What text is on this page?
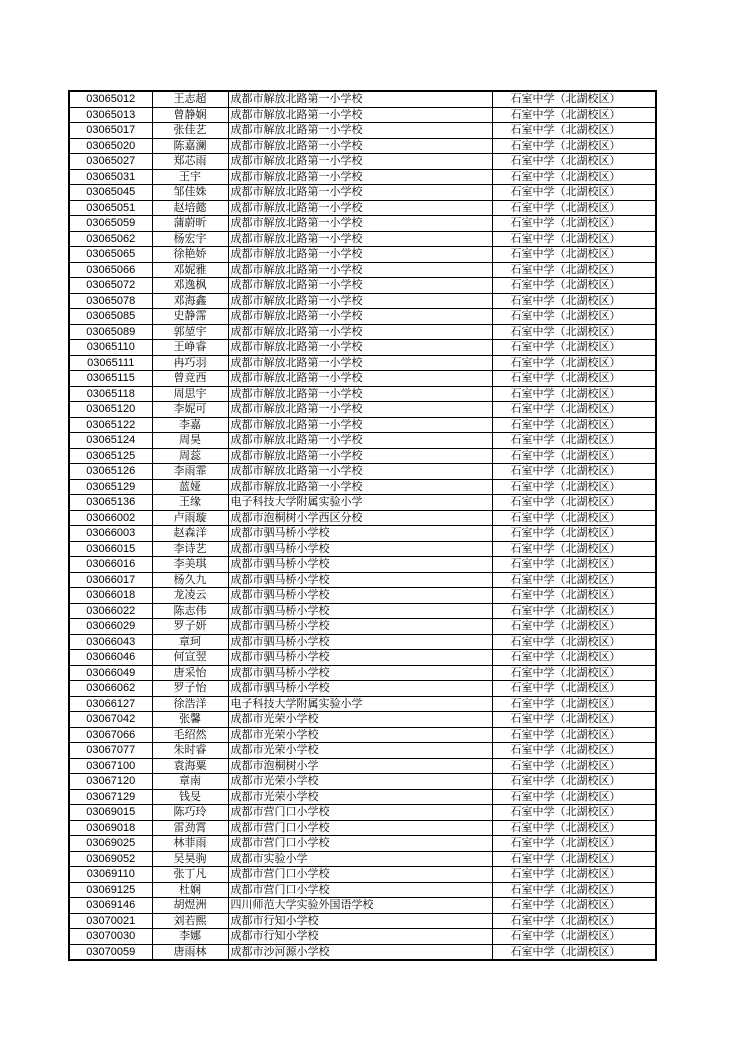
03065012	王志超	成都市解放北路第一小学校	石室中学（北湖校区）
03065013	曾静娴	成都市解放北路第一小学校	石室中学（北湖校区）
03065017	张佳艺	成都市解放北路第一小学校	石室中学（北湖校区）
03065020	陈嘉澜	成都市解放北路第一小学校	石室中学（北湖校区）
03065027	郑芯雨	成都市解放北路第一小学校	石室中学（北湖校区）
03065031	王宇	成都市解放北路第一小学校	石室中学（北湖校区）
03065045	邹佳姝	成都市解放北路第一小学校	石室中学（北湖校区）
03065051	赵培懿	成都市解放北路第一小学校	石室中学（北湖校区）
03065059	蒲蔚昕	成都市解放北路第一小学校	石室中学（北湖校区）
03065062	杨宏宇	成都市解放北路第一小学校	石室中学（北湖校区）
03065065	徐艳娇	成都市解放北路第一小学校	石室中学（北湖校区）
03065066	邓妮雅	成都市解放北路第一小学校	石室中学（北湖校区）
03065072	邓逸枫	成都市解放北路第一小学校	石室中学（北湖校区）
03065078	邓海鑫	成都市解放北路第一小学校	石室中学（北湖校区）
03065085	史静霈	成都市解放北路第一小学校	石室中学（北湖校区）
03065089	郭堃宇	成都市解放北路第一小学校	石室中学（北湖校区）
03065110	王峥睿	成都市解放北路第一小学校	石室中学（北湖校区）
03065111	冉巧羽	成都市解放北路第一小学校	石室中学（北湖校区）
03065115	曾竞西	成都市解放北路第一小学校	石室中学（北湖校区）
03065118	周思宇	成都市解放北路第一小学校	石室中学（北湖校区）
03065120	李妮可	成都市解放北路第一小学校	石室中学（北湖校区）
03065122	李嘉	成都市解放北路第一小学校	石室中学（北湖校区）
03065124	周昊	成都市解放北路第一小学校	石室中学（北湖校区）
03065125	周蕊	成都市解放北路第一小学校	石室中学（北湖校区）
03065126	李雨霏	成都市解放北路第一小学校	石室中学（北湖校区）
03065129	蓝娅	成都市解放北路第一小学校	石室中学（北湖校区）
03065136	王缘	电子科技大学附属实验小学	石室中学（北湖校区）
03066002	卢雨璇	成都市泡桐树小学西区分校	石室中学（北湖校区）
03066003	赵森洋	成都市驷马桥小学校	石室中学（北湖校区）
03066015	李诗艺	成都市驷马桥小学校	石室中学（北湖校区）
03066016	李美琪	成都市驷马桥小学校	石室中学（北湖校区）
03066017	杨久九	成都市驷马桥小学校	石室中学（北湖校区）
03066018	龙凌云	成都市驷马桥小学校	石室中学（北湖校区）
03066022	陈志伟	成都市驷马桥小学校	石室中学（北湖校区）
03066029	罗子妍	成都市驷马桥小学校	石室中学（北湖校区）
03066043	章珂	成都市驷马桥小学校	石室中学（北湖校区）
03066046	何宣翌	成都市驷马桥小学校	石室中学（北湖校区）
03066049	唐采怡	成都市驷马桥小学校	石室中学（北湖校区）
03066062	罗子怡	成都市驷马桥小学校	石室中学（北湖校区）
03066127	徐浩洋	电子科技大学附属实验小学	石室中学（北湖校区）
03067042	张馨	成都市光荣小学校	石室中学（北湖校区）
03067066	毛绍然	成都市光荣小学校	石室中学（北湖校区）
03067077	朱时睿	成都市光荣小学校	石室中学（北湖校区）
03067100	袁海粟	成都市泡桐树小学	石室中学（北湖校区）
03067120	章南	成都市光荣小学校	石室中学（北湖校区）
03067129	钱旻	成都市光荣小学校	石室中学（北湖校区）
03069015	陈巧玲	成都市营门口小学校	石室中学（北湖校区）
03069018	雷劲霄	成都市营门口小学校	石室中学（北湖校区）
03069025	林菲雨	成都市营门口小学校	石室中学（北湖校区）
03069052	吴昊驹	成都市实验小学	石室中学（北湖校区）
03069110	张丁凡	成都市营门口小学校	石室中学（北湖校区）
03069125	杜娴	成都市营门口小学校	石室中学（北湖校区）
03069146	胡煜洲	四川师范大学实验外国语学校	石室中学（北湖校区）
03070021	刘若熙	成都市行知小学校	石室中学（北湖校区）
03070030	李娜	成都市行知小学校	石室中学（北湖校区）
03070059	唐雨林	成都市沙河源小学校	石室中学（北湖校区）
